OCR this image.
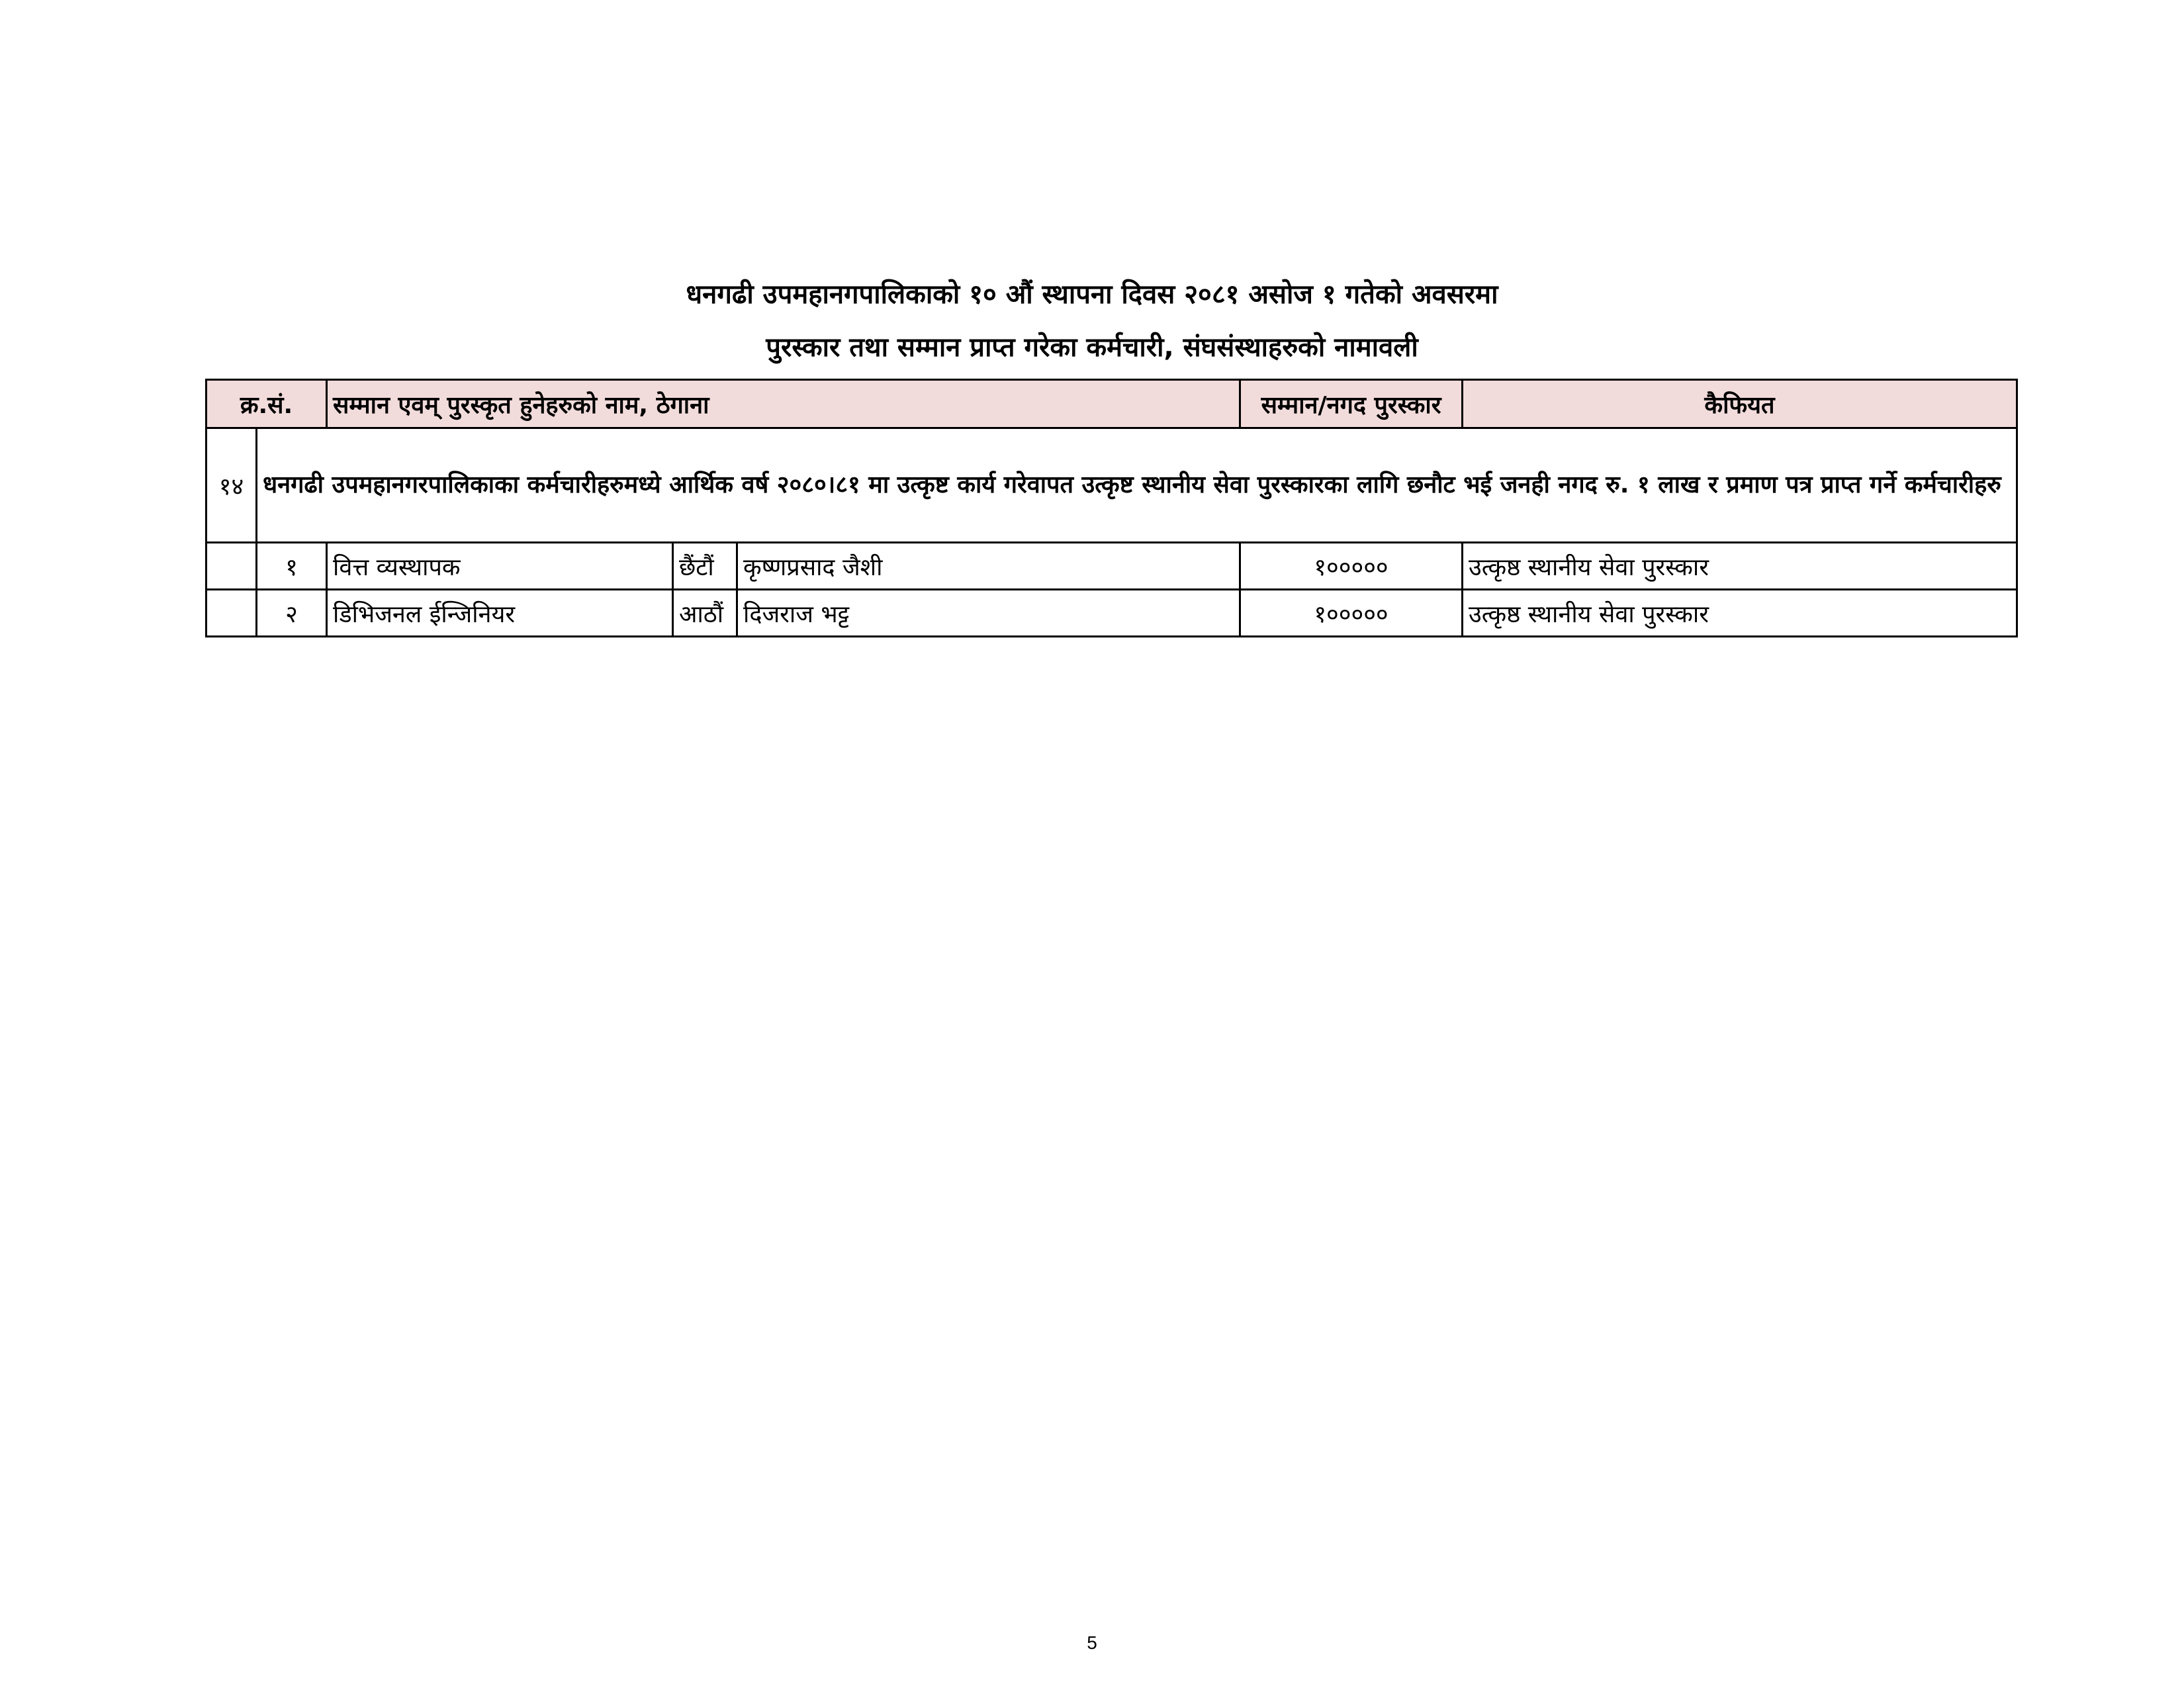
धनगढी उपमहानगपालिकाको १० औं स्थापना दिवस २०८१ असोज १ गतेको अवसरमा
पुरस्कार तथा सम्मान प्राप्त गरेका कर्मचारी, संघसंस्थाहरुको नामावली
क्र.सं.		सम्मान एवम् पुरस्कृत हुनेहरुको नाम, ठेगाना			सम्मान/नगद पुरस्कार	कैफियत
१४	धनगढी उपमहानगरपालिकाका कर्मचारीहरुमध्ये आर्थिक वर्ष २०८०।८१ मा उत्कृष्ट कार्य गरेवापत उत्कृष्ट स्थानीय सेवा पुरस्कारका लागि छनौट भई जनही नगद रु. १ लाख र प्रमाण पत्र प्राप्त गर्ने कर्मचारीहरु					
	१	वित्त व्यस्थापक	छैंटौं	कृष्णप्रसाद जैशी	१०००००	उत्कृष्ठ स्थानीय सेवा पुरस्कार
	२	डिभिजनल ईन्जिनियर	आठौं	दिजराज भट्ट	१०००००	उत्कृष्ठ स्थानीय सेवा पुरस्कार
5
